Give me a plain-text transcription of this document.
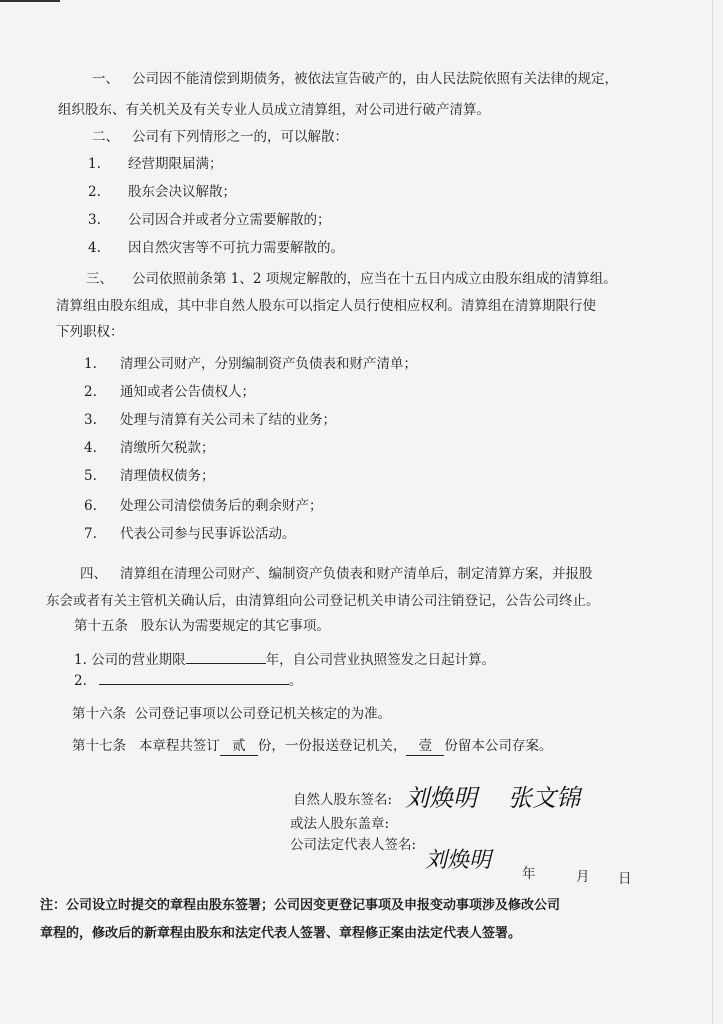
一、 公司因不能清偿到期债务，被依法宣告破产的，由人民法院依照有关法律的规定，
组织股东、有关机关及有关专业人员成立清算组，对公司进行破产清算。
二、 公司有下列情形之一的，可以解散：
1. 经营期限届满；
2. 股东会决议解散；
3. 公司因合并或者分立需要解散的；
4. 因自然灾害等不可抗力需要解散的。
三、 公司依照前条第 1、2 项规定解散的，应当在十五日内成立由股东组成的清算组。
清算组由股东组成，其中非自然人股东可以指定人员行使相应权利。清算组在清算期限行使
下列职权：
1. 清理公司财产，分别编制资产负债表和财产清单；
2. 通知或者公告债权人；
3. 处理与清算有关公司未了结的业务；
4. 清缴所欠税款；
5. 清理债权债务；
6. 处理公司清偿债务后的剩余财产；
7. 代表公司参与民事诉讼活动。
四、 清算组在清理公司财产、编制资产负债表和财产清单后，制定清算方案，并报股
东会或者有关主管机关确认后，由清算组向公司登记机关申请公司注销登记，公告公司终止。
第十五条 股东认为需要规定的其它事项。
1. 公司的营业期限	年，自公司营业执照签发之日起计算。
2.	。
第十六条 公司登记事项以公司登记机关核定的为准。
第十七条 本章程共签订 贰 份，一份报送登记机关， 壹 份留本公司存案。
自然人股东签名: 刘焕明 张文锦
或法人股东盖章:
公司法定代表人签名:
刘焕明
年	月 日
注：公司设立时提交的章程由股东签署；公司因变更登记事项及申报变动事项涉及修改公司
章程的，修改后的新章程由股东和法定代表人签署、章程修正案由法定代表人签署。
